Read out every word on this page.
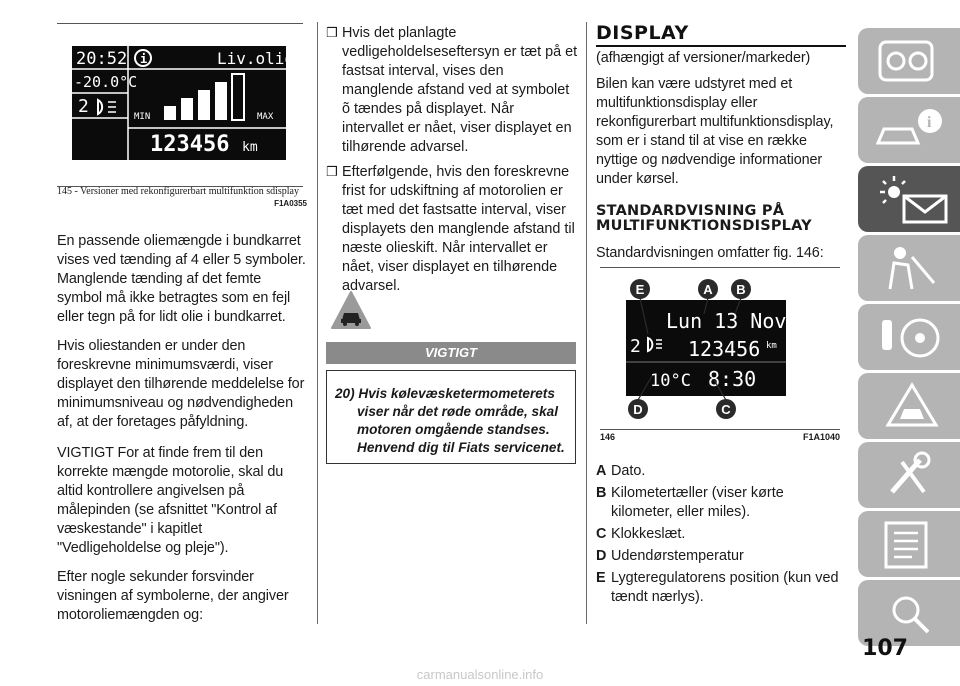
20:52 i	Liv.olio
-20.0°C
2	MIN	MAX
123456 km
145 - Versioner med rekonfigurerbart multifunktion sdisplay
F1A0355

En passende oliemængde i bundkarret vises ved tænding af 4 eller 5 symboler. Manglende tænding af det femte symbol må ikke betragtes som en fejl eller tegn på for lidt olie i bundkarret.

Hvis oliestanden er under den foreskrevne minimumsværdi, viser displayet den tilhørende meddelelse for minimumsniveau og nødvendigheden af, at der foretages påfyldning.

VIGTIGT For at finde frem til den korrekte mængde motorolie, skal du altid kontrollere angivelsen på målepinden (se afsnittet "Kontrol af væskestande" i kapitlet "Vedligeholdelse og pleje").

Efter nogle sekunder forsvinder visningen af symbolerne, der angiver motoroliemængden og:

❒ Hvis det planlagte vedligeholdelseseftersyn er tæt på et fastsat interval, vises den manglende afstand ved at symbolet õ tændes på displayet. Når intervallet er nået, viser displayet en tilhørende advarsel.
❒ Efterfølgende, hvis den foreskrevne frist for udskiftning af motorolien er tæt med det fastsatte interval, viser displayets den manglende afstand til næste olieskift. Når intervallet er nået, viser displayet en tilhørende advarsel.
VIGTIGT

20) Hvis kølevæsketermometerets viser når det røde område, skal motoren omgående standses. Henvend dig til Fiats servicenet.

DISPLAY

(afhængigt af versioner/markeder)

Bilen kan være udstyret med et multifunktionsdisplay eller rekonfigurerbart multifunktionsdisplay, som er i stand til at vise en række nyttige og nødvendige informationer under kørsel.

STANDARDVISNING PÅ
MULTIFUNKTIONSDISPLAY

Standardvisningen omfatter fig. 146:

Lun 13 Nov
2 123456 km
10°C 8:30
E	A B
D	C
146	F1A1040
A Dato.
B Kilometertæller (viser kørte kilometer, eller miles).
C Klokkeslæt.
D Udendørstemperatur
E Lygteregulatorens position (kun ved tændt nærlys).
i
107
carmanualsonline.info
